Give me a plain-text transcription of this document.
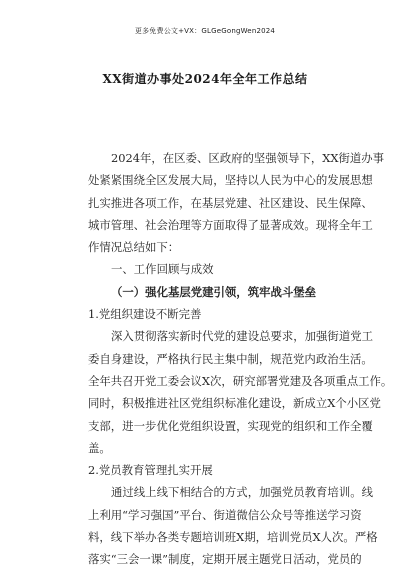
更多免费公文+VX：GLGeGongWen2024
XX街道办事处2024年全年工作总结
2024年，在区委、区政府的坚强领导下，XX街道办事
处紧紧围绕全区发展大局，坚持以人民为中心的发展思想
扎实推进各项工作，在基层党建、社区建设、民生保障、
城市管理、社会治理等方面取得了显著成效。现将全年工
作情况总结如下：
一、工作回顾与成效
（一）强化基层党建引领，筑牢战斗堡垒
1.党组织建设不断完善
深入贯彻落实新时代党的建设总要求，加强街道党工
委自身建设，严格执行民主集中制，规范党内政治生活。
全年共召开党工委会议X次，研究部署党建及各项重点工作。
同时，积极推进社区党组织标准化建设，新成立X个小区党
支部，进一步优化党组织设置，实现党的组织和工作全覆
盖。
2.党员教育管理扎实开展
通过线上线下相结合的方式，加强党员教育培训。线
上利用“学习强国”平台、街道微信公众号等推送学习资
料，线下举办各类专题培训班X期，培训党员X人次。严格
落实“三会一课”制度，定期开展主题党日活动，党员的
